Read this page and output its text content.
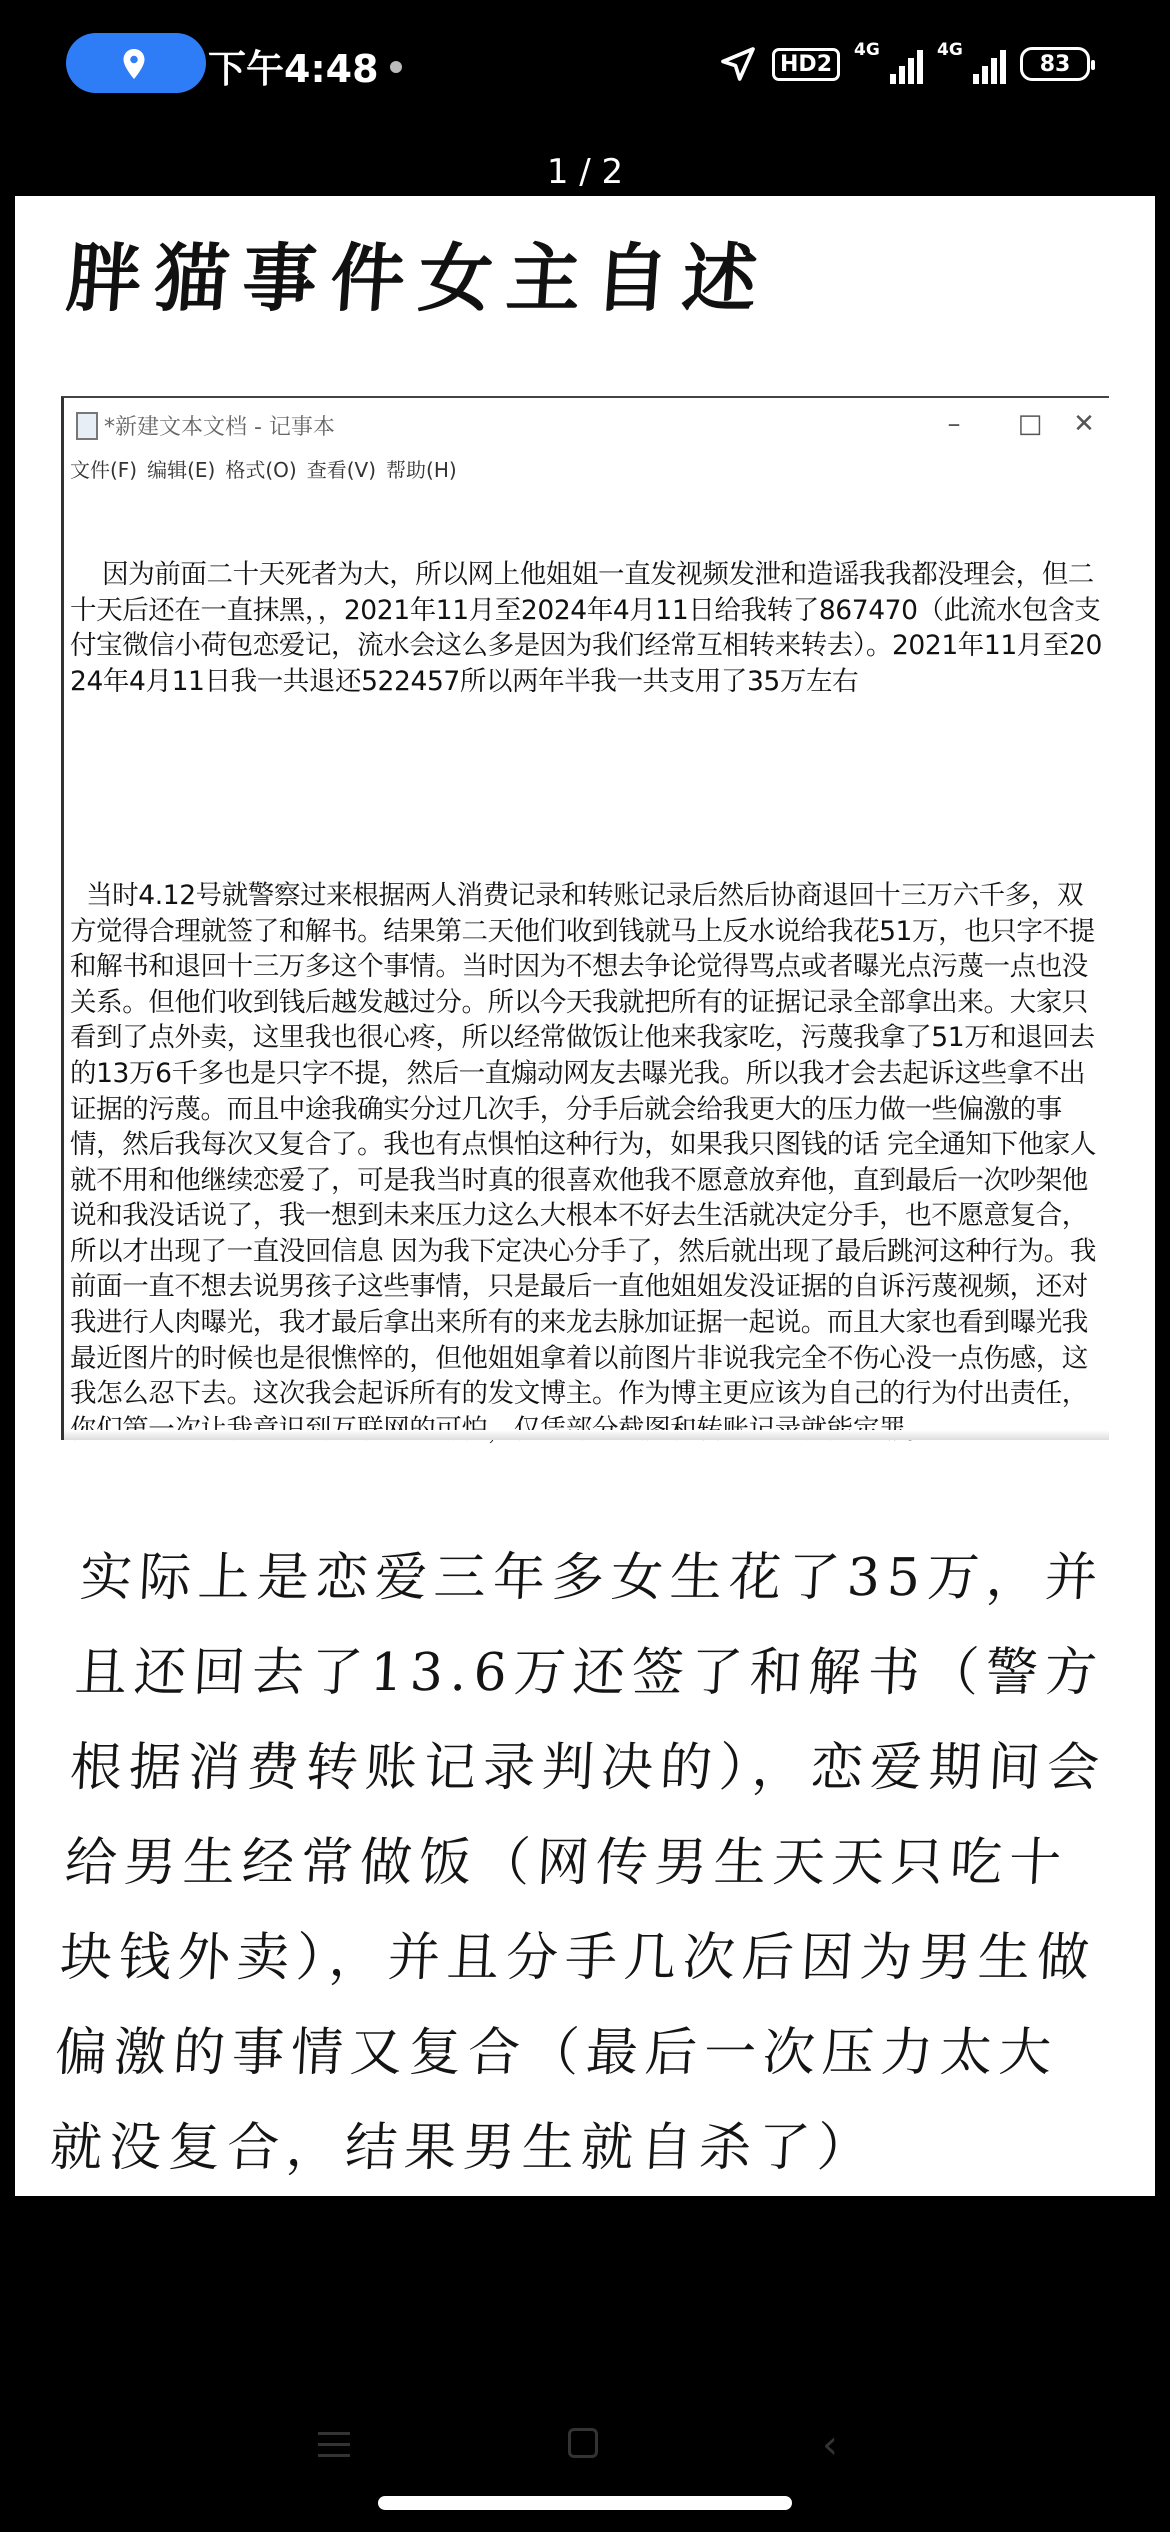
下午4:48	HD2
4G	4G
83
1 / 2
胖猫事件女主自述
*新建文本文档 - 记事本	–	□	✕
文件(F) 编辑(E) 格式(O) 查看(V) 帮助(H)

因为前面二十天死者为大，所以网上他姐姐一直发视频发泄和造谣我我都没理会，但二十天后还在一直抹黑，，2021年11月至2024年4月11日给我转了867470（此流水包含支付宝微信小荷包恋爱记，流水会这么多是因为我们经常互相转来转去）。2021年11月至2024年4月11日我一共退还522457所以两年半我一共支用了35万左右

当时4.12号就警察过来根据两人消费记录和转账记录后然后协商退回十三万六千多，双方觉得合理就签了和解书。结果第二天他们收到钱就马上反水说给我花51万，也只字不提和解书和退回十三万多这个事情。当时因为不想去争论觉得骂点或者曝光点污蔑一点也没关系。但他们收到钱后越发越过分。所以今天我就把所有的证据记录全部拿出来。大家只看到了点外卖，这里我也很心疼，所以经常做饭让他来我家吃，污蔑我拿了51万和退回去的13万6千多也是只字不提，然后一直煽动网友去曝光我。所以我才会去起诉这些拿不出证据的污蔑。而且中途我确实分过几次手，分手后就会给我更大的压力做一些偏激的事情，然后我每次又复合了。我也有点惧怕这种行为，如果我只图钱的话 完全通知下他家人就不用和他继续恋爱了，可是我当时真的很喜欢他我不愿意放弃他，直到最后一次吵架他说和我没话说了，我一想到未来压力这么大根本不好去生活就决定分手，也不愿意复合，所以才出现了一直没回信息 因为我下定决心分手了，然后就出现了最后跳河这种行为。我前面一直不想去说男孩子这些事情，只是最后一直他姐姐发没证据的自诉污蔑视频，还对我进行人肉曝光，我才最后拿出来所有的来龙去脉加证据一起说。而且大家也看到曝光我最近图片的时候也是很憔悴的，但他姐姐拿着以前图片非说我完全不伤心没一点伤感，这我怎么忍下去。这次我会起诉所有的发文博主。作为博主更应该为自己的行为付出责任，

实际上是恋爱三年多女生花了35万，并且还回去了13.6万还签了和解书（警方根据消费转账记录判决的），恋爱期间会给男生经常做饭（网传男生天天只吃十块钱外卖），并且分手几次后因为男生做偏激的事情又复合（最后一次压力太大就没复合，结果男生就自杀了）
‹
